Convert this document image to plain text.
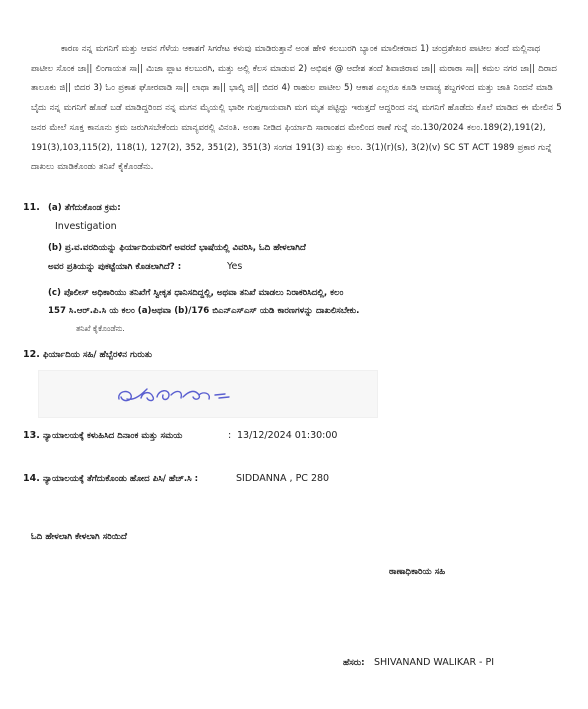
ಕಾರಣ ನನ್ನ ಮಗನಿಗೆ ಮತ್ತು ಆವನ ಗೆಳೆಯ ಆಕಾಶಗೆ ಸಿಗರೇಟ ಕಳುವು ಮಾಡಿರುತ್ತಾನೆ ಅಂತ ಹೇಳಿ ಕಲಬುರಗಿ ಬ್ಯಾಂಕ ಮಾಲೀಕರಾದ 1) ಚಂದ್ರಶೇಖರ ಪಾಟೀಲ ತಂದೆ ಮಲ್ಲಿನಾಥ ಪಾಟೀಲ ಸೊಂಕ ಜಾ|| ಲಿಂಗಾಯತ ಸಾ|| ಮಿಜಾ ಪ್ಲಾಟ ಕಲಬುರಗಿ, ಮತ್ತು ಅಲ್ಲಿ ಕೆಲಸ ಮಾಡುವ 2) ಅಭಿಷಕ @ ಆದೇಶ ತಂದೆ ಶಿವಾಜಿರಾವ ಜಾ|| ಮರಾಠಾ ಸಾ|| ಕಮಲ ನಗರ ಜಾ|| ದಿರಾದ ತಾಲೂಕು ಜಿ|| ಬಿದರ 3) ಓಂ ಪ್ರಕಾಶ ಘೋರವಾಡಿ ಸಾ|| ಲಾಥಾ ತಾ|| ಭಾಲ್ಕಿ ಜಿ|| ಬಿದರ 4) ರಾಹುಲ ಪಾಟೀಲ 5) ಆಕಾಶ ಎಲ್ಲರೂ ಕೂಡಿ ಆವಾಚ್ಯ ಶಬ್ದಗಳಿಂದ ಮತ್ತು ಜಾತಿ ನಿಂದನೆ ಮಾಡಿ ಬೈದು ನನ್ನ ಮಗನಿಗೆ ಹೊಡೆ ಬಡೆ ಮಾಡಿದ್ದರಿಂದ ನನ್ನ ಮಗನ ಮೈಯಲ್ಲಿ ಭಾರೀ ಗುಪ್ತಗಾಯವಾಗಿ ಮಗ ಮೃತ ಪಟ್ಟಿದ್ದು ಇರುತ್ತದೆ ಆದ್ದರಿಂದ ನನ್ನ ಮಗನಿಗೆ ಹೊಡೆದು ಕೊಲೆ ಮಾಡಿದ ಈ ಮೇಲಿನ 5 ಜನರ ಮೇಲೆ ಸೂಕ್ತ ಕಾನೂನು ಕ್ರಮ ಜರುಗಿಸಬೇಕೆಂದು ಮಾನ್ಯವರಲ್ಲಿ ವಿನಂತಿ. ಅಂತಾ ನೀಡಿದ ಫಿರ್ಯಾದಿ ಸಾರಾಂಶದ ಮೇಲಿಂದ ಠಾಣೆ ಗುನ್ನೆ ನಂ.130/2024 ಕಲಂ.189(2),191(2), 191(3),103,115(2), 118(1), 127(2), 352, 351(2), 351(3) ಸಂಗಡ 191(3) ಮತ್ತು ಕಲಂ. 3(1)(r)(s), 3(2)(v) SC ST ACT 1989 ಪ್ರಕಾರ ಗುನ್ನೆ ದಾಖಲು ಮಾಡಿಕೊಂಡು ತನಿಖೆ ಕೈಕೊಂಡೆನು.
11. (a) ತೆಗೆದುಕೊಂಡ ಕ್ರಮ:
Investigation
(b) ಪ್ರ.ವ.ವರದಿಯನ್ನು ಫಿರ್ಯಾದಿಯವರಿಗೆ ಅವರದೆ ಭಾಷೆಯಲ್ಲಿ ವಿವರಿಸಿ, ಓದಿ ಹೇಳಲಾಗಿದೆ
ಅವರ ಪ್ರತಿಯನ್ನು ಪುಕಟ್ಟೆಯಾಗಿ ಕೊಡಲಾಗಿದೆ? :	Yes
(c) ಪೊಲೀಸ್ ಅಧಿಕಾರಿಯು ತನಿಖೆಗೆ ಸ್ವೀಕೃತ ಧಾನಿಸದಿದ್ದಲ್ಲಿ, ಅಥವಾ ತನಿಖೆ ಮಾಡಲು ನಿರಾಕರಿಸಿದಲ್ಲಿ, ಕಲಂ
157 ಸಿ.ಆರ್.ಪಿ.ಸಿ ಯ ಕಲಂ (a)ಅಥವಾ (b)/176 ಬಿಎನ್‌ಎಸ್‌ಎಸ್ ಯಡಿ ಕಾರಣಗಳನ್ನು ದಾಖಲಿಸಬೇಕು.
ತನಿಖೆ ಕೈಕೊಂಡೆನು.
12. ಫಿರ್ಯಾದಿಯ ಸಹಿ/ ಹೆಬ್ಬೆರಳಿನ ಗುರುತು
13. ನ್ಯಾಯಾಲಯಕ್ಕೆ ಕಳುಹಿಸಿದ ದಿನಾಂಕ ಮತ್ತು ಸಮಯ	: 13/12/2024 01:30:00
14. ನ್ಯಾಯಾಲಯಕ್ಕೆ ತೆಗೆದುಕೊಂಡು ಹೋದ ಪಿಸಿ/ ಹೆಚ್.ಸಿ :	SIDDANNA , PC 280
ಓದಿ ಹೇಳಲಾಗಿ ಕೇಳಲಾಗಿ ಸರಿಯಿದೆ
ಠಾಣಾಧಿಕಾರಿಯ ಸಹಿ
ಹೆಸರು: SHIVANAND WALIKAR - PI
